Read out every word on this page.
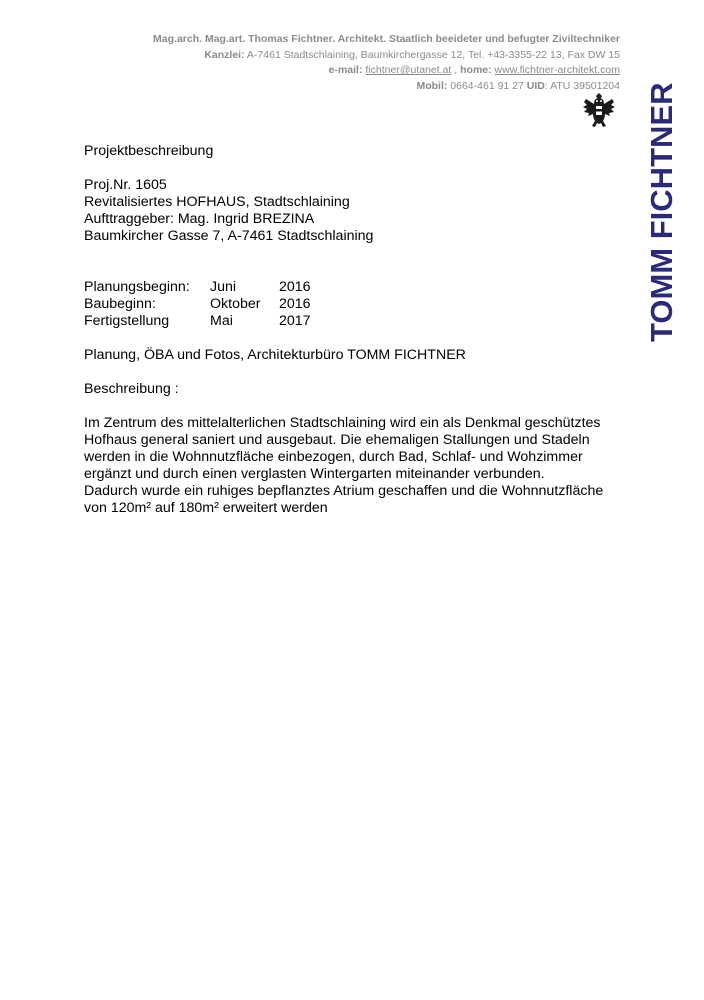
Mag.arch. Mag.art. Thomas Fichtner. Architekt. Staatlich beeideter und befugter Ziviltechniker
Kanzlei: A-7461 Stadtschlaining, Baumkirchergasse 12, Tel. +43-3355-22 13, Fax DW 15
e-mail: fichtner@utanet.at , home: www.fichtner-architekt.com
Mobil: 0664-461 91 27 UID: ATU 39501204 TOMM FICHTNER
Projektbeschreibung
Proj.Nr. 1605
Revitalisiertes HOFHAUS, Stadtschlaining
Aufttraggeber: Mag. Ingrid BREZINA
Baumkircher Gasse 7, A-7461 Stadtschlaining
Planungsbeginn: Juni	2016
Baubeginn:	Oktober 2016
Fertigstellung	Mai	2017
Planung, ÖBA und Fotos, Architekturbüro TOMM FICHTNER
Beschreibung :
Im Zentrum des mittelalterlichen Stadtschlaining wird ein als Denkmal geschütztes
Hofhaus general saniert und ausgebaut. Die ehemaligen Stallungen und Stadeln
werden in die Wohnnutzfläche einbezogen, durch Bad, Schlaf- und Wohzimmer
ergänzt und durch einen verglasten Wintergarten miteinander verbunden.
Dadurch wurde ein ruhiges bepflanztes Atrium geschaffen und die Wohnnutzfläche
von 120m² auf 180m² erweitert werden
